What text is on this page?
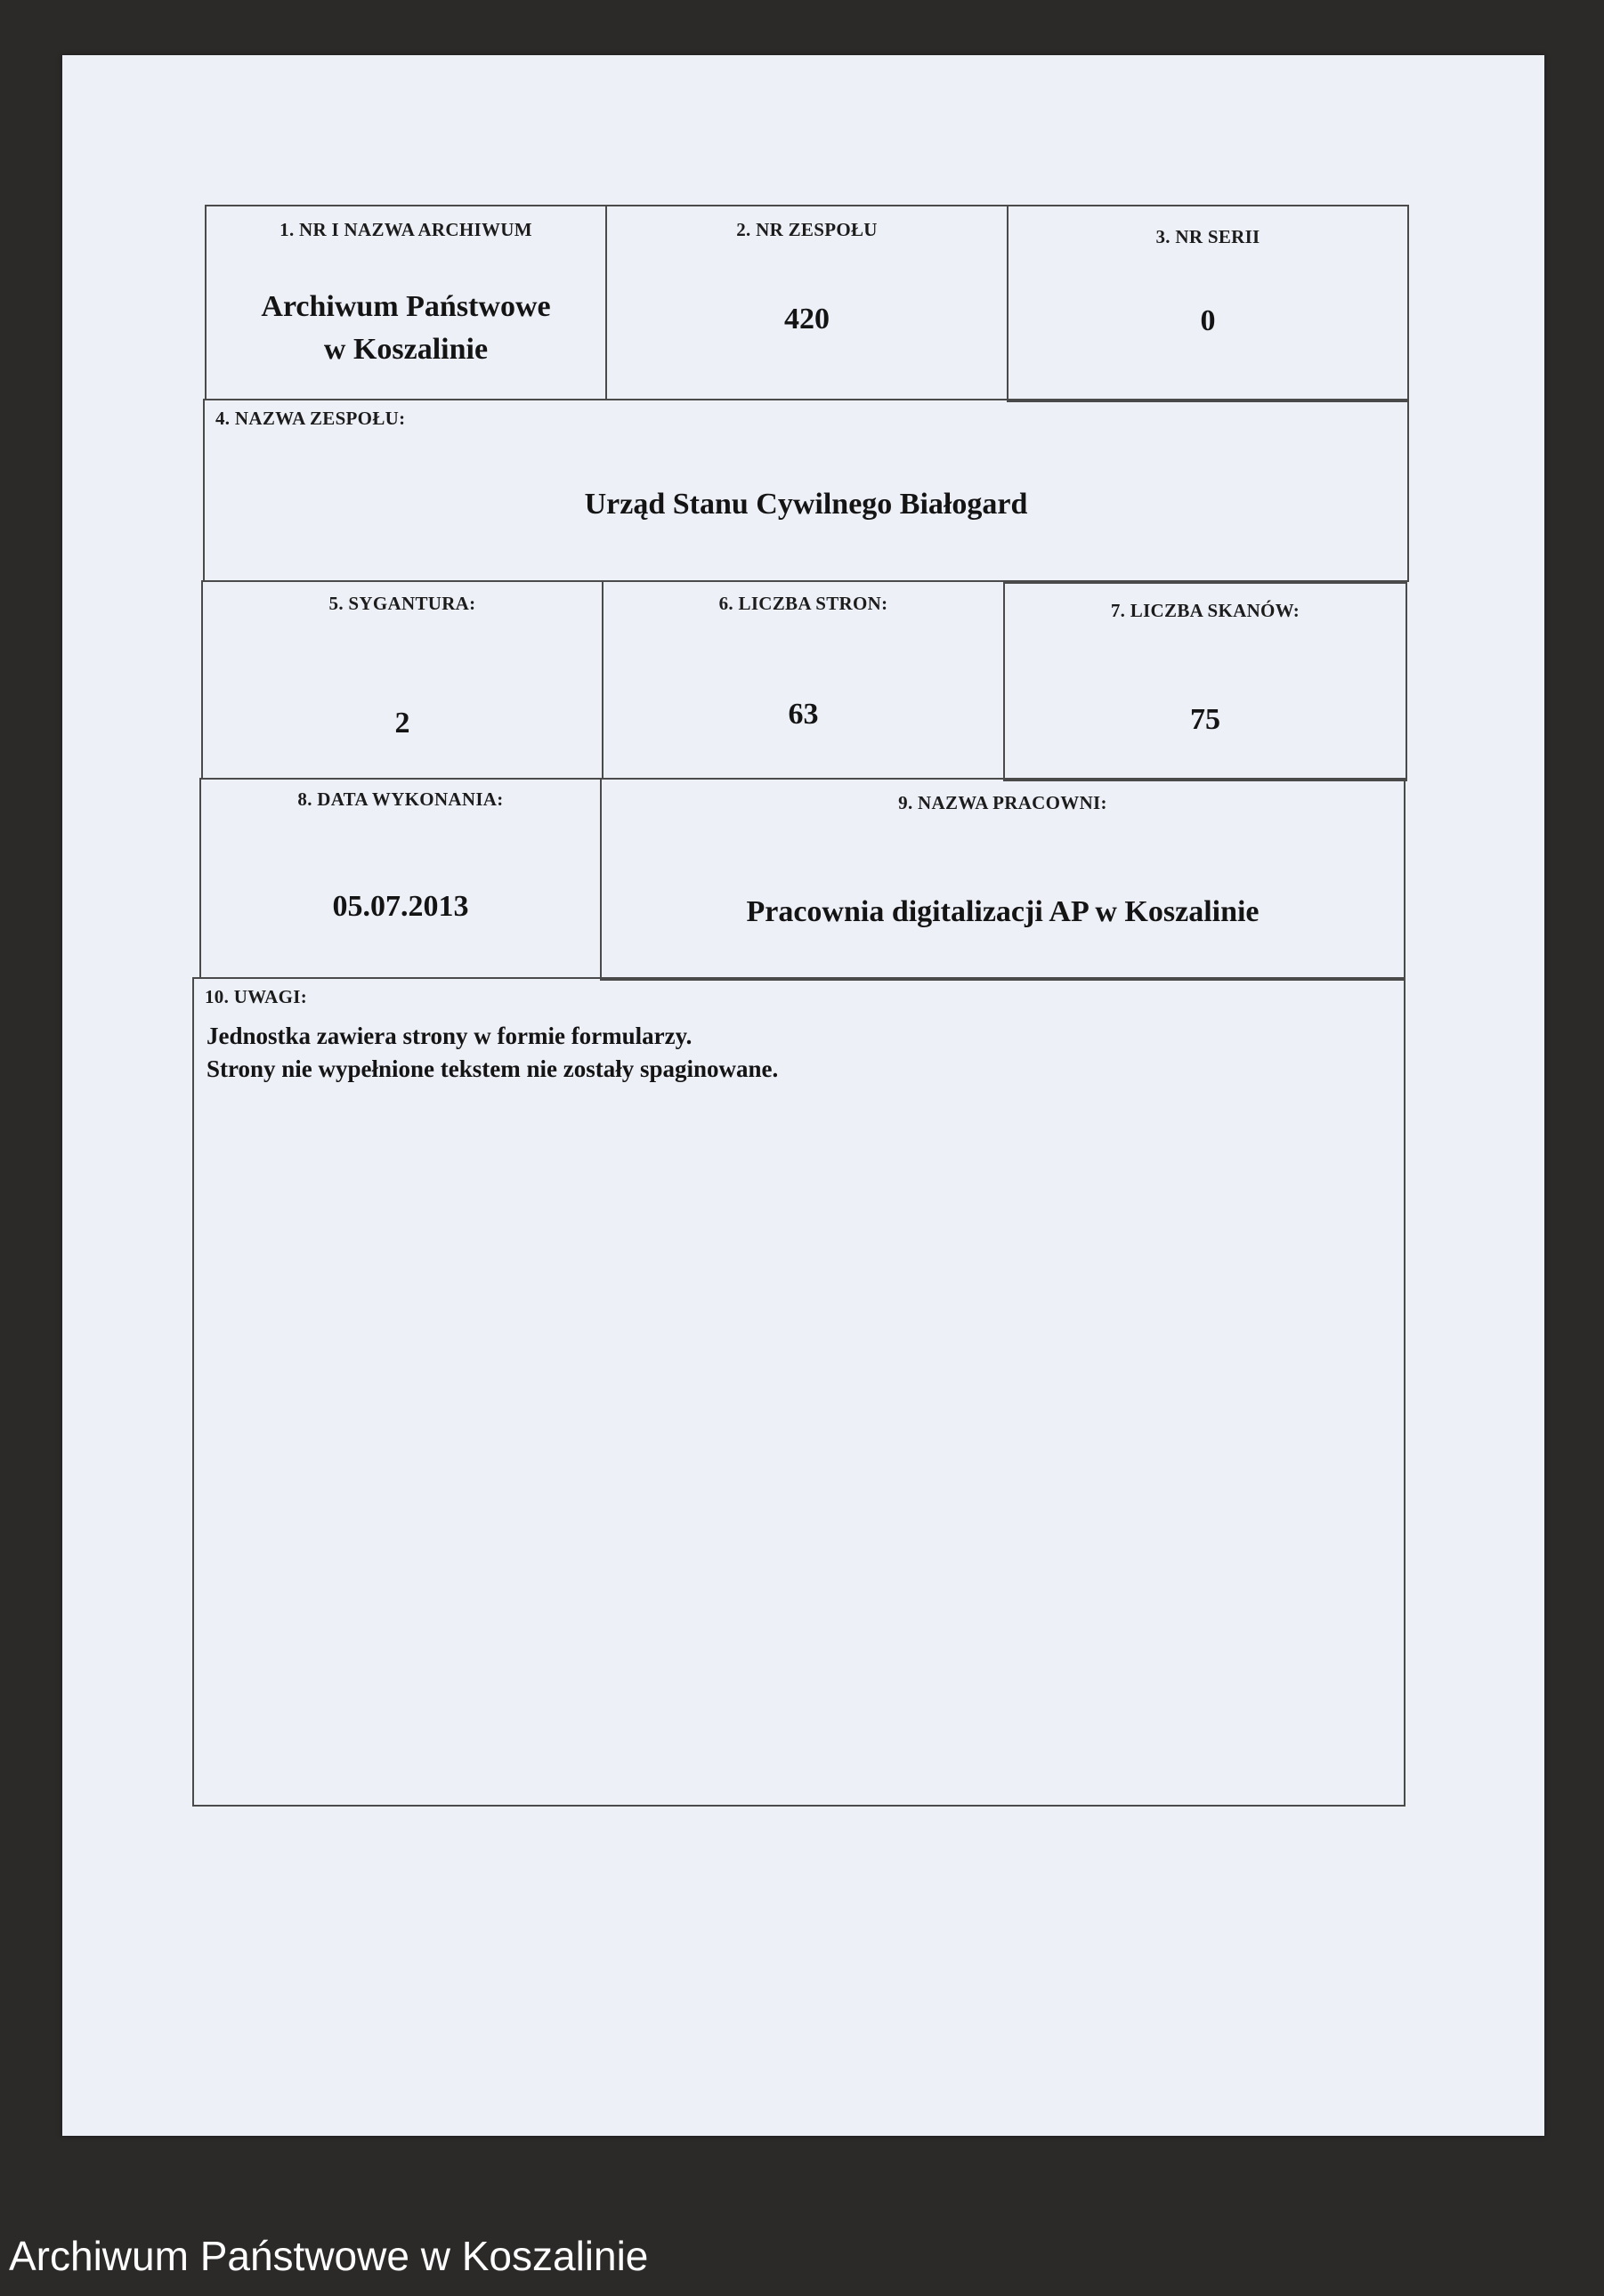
1. NR I NAZWA ARCHIWUM
Archiwum Państwowe
w Koszalinie
2. NR ZESPOŁU
420
3. NR SERII
0
4. NAZWA ZESPOŁU:
Urząd Stanu Cywilnego Białogard
5. SYGANTURA:
2
6. LICZBA STRON:
63
7. LICZBA SKANÓW:
75
8. DATA WYKONANIA:
05.07.2013
9. NAZWA PRACOWNI:
Pracownia digitalizacji AP w Koszalinie
10. UWAGI:
Jednostka zawiera strony w formie formularzy.
Strony nie wypełnione tekstem nie zostały spaginowane.
Archiwum Państwowe w Koszalinie
